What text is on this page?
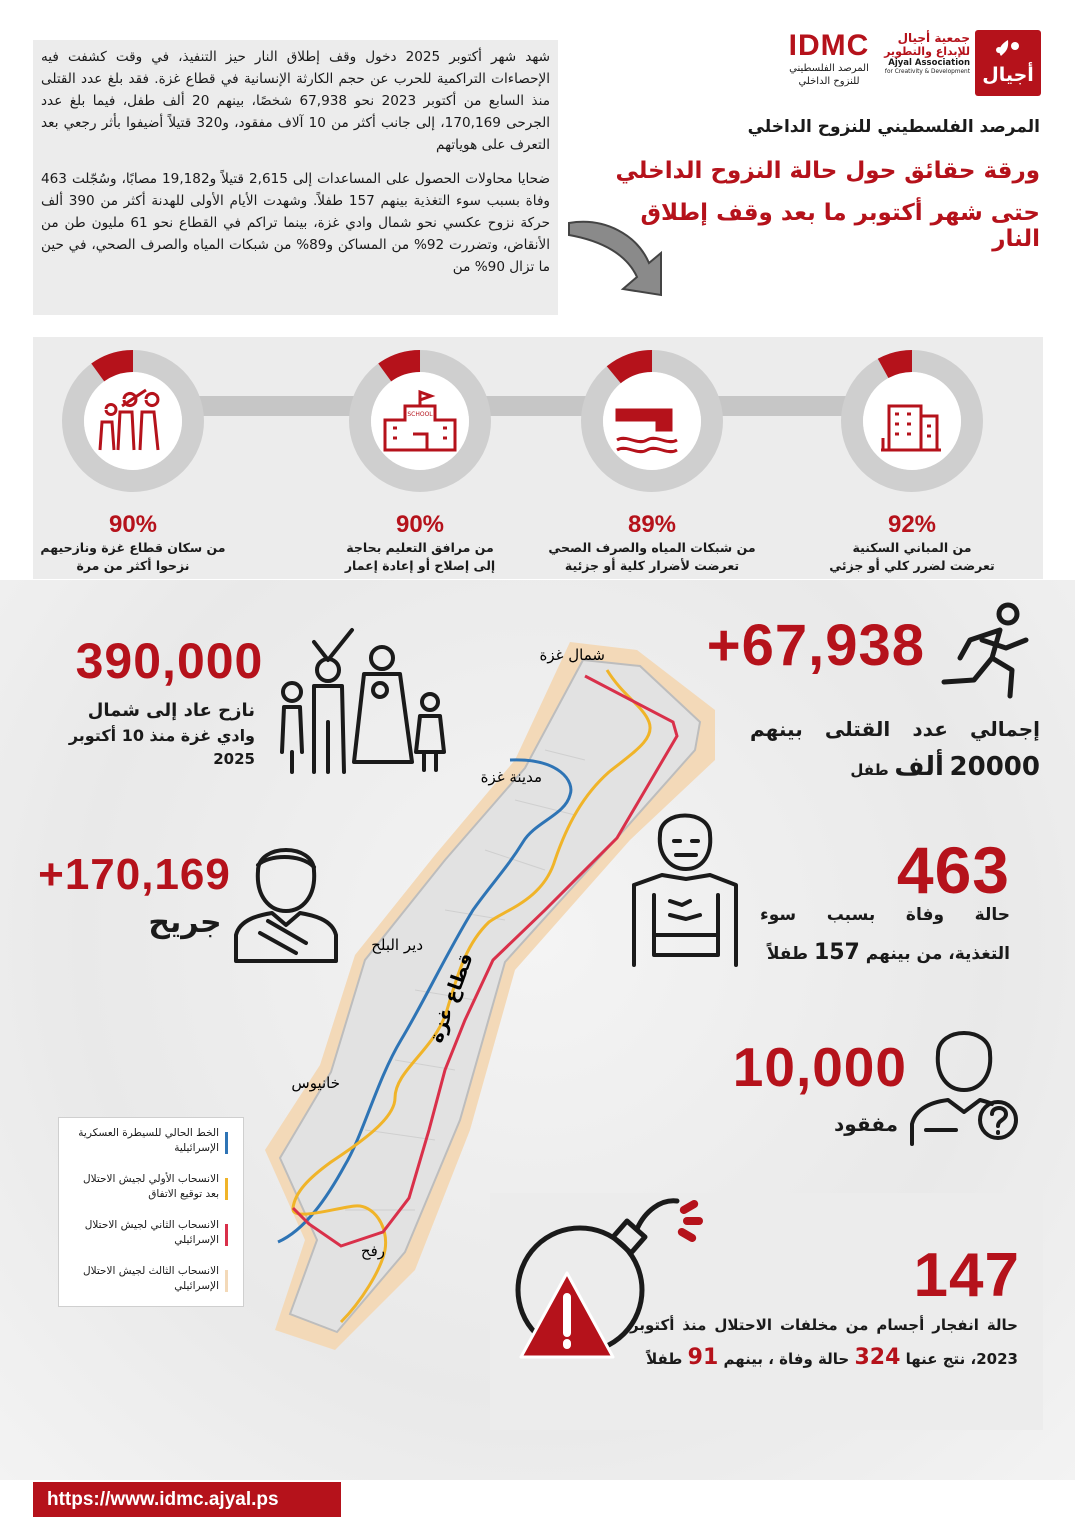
أجيال
جمعية أجيال
للإبداع والتطوير
Ajyal Association
for Creativity & Development
IDMC
المرصد الفلسطيني
للنزوح الداخلي
المرصد الفلسطيني للنزوح الداخلي
ورقة حقائق حول حالة النزوح الداخلي
حتى شهر أكتوبر ما بعد وقف إطلاق النار

شهد شهر أكتوبر 2025 دخول وقف إطلاق النار حيز التنفيذ، في وقت كشفت فيه الإحصاءات التراكمية للحرب عن حجم الكارثة الإنسانية في قطاع غزة. فقد بلغ عدد القتلى منذ السابع من أكتوبر 2023 نحو 67,938 شخصًا، بينهم 20 ألف طفل، فيما بلغ عدد الجرحى 170,169، إلى جانب أكثر من 10 آلاف مفقود، و320 قتيلاً أضيفوا بأثر رجعي بعد التعرف على هوياتهم

ضحايا محاولات الحصول على المساعدات إلى 2,615 قتيلاً و19,182 مصابًا، وسُجّلت 463 وفاة بسبب سوء التغذية بينهم 157 طفلاً. وشهدت الأيام الأولى للهدنة أكثر من 390 ألف حركة نزوح عكسي نحو شمال وادي غزة، بينما تراكم في القطاع نحو 61 مليون طن من الأنقاض، وتضررت 92% من المساكن و89% من شبكات المياه والصرف الصحي، في حين ما تزال 90% من

92%
من المباني السكنية
تعرضت لضرر كلي أو جزئي
89%
من شبكات المياه والصرف الصحي
تعرضت لأضرار كلية أو جزئية
SCHOOL
90%
من مرافق التعليم بحاجة
إلى إصلاح أو إعادة إعمار
90%
من سكان قطاع غزة ونازحيهم
نزحوا أكثر من مرة
شمال غزة
مدينة غزة
دير البلح
قطاع غزة
خانيوس
رفح
الخط الحالي للسيطرة العسكرية الإسرائيلية
الانسحاب الأولي لجيش الاحتلال بعد توقيع الاتفاق
الانسحاب الثاني لجيش الاحتلال الإسرائيلي
الانسحاب الثالث لجيش الاحتلال الإسرائيلي
+67,938
إجمالي عدد القتلى بينهم
20000 ألف طفل
390,000
نازح عاد إلى شمال
وادي غزة منذ 10 أكتوبر
2025
+170,169
جريح
463
حالة وفاة بسبب سوء
التغذية، من بينهم 157 طفلاً
10,000
مفقود
147
حالة انفجار أجسام من مخلفات الاحتلال منذ أكتوبر
2023، نتج عنها 324 حالة وفاة ، بينهم 91 طفلاً
https://www.idmc.ajyal.ps
